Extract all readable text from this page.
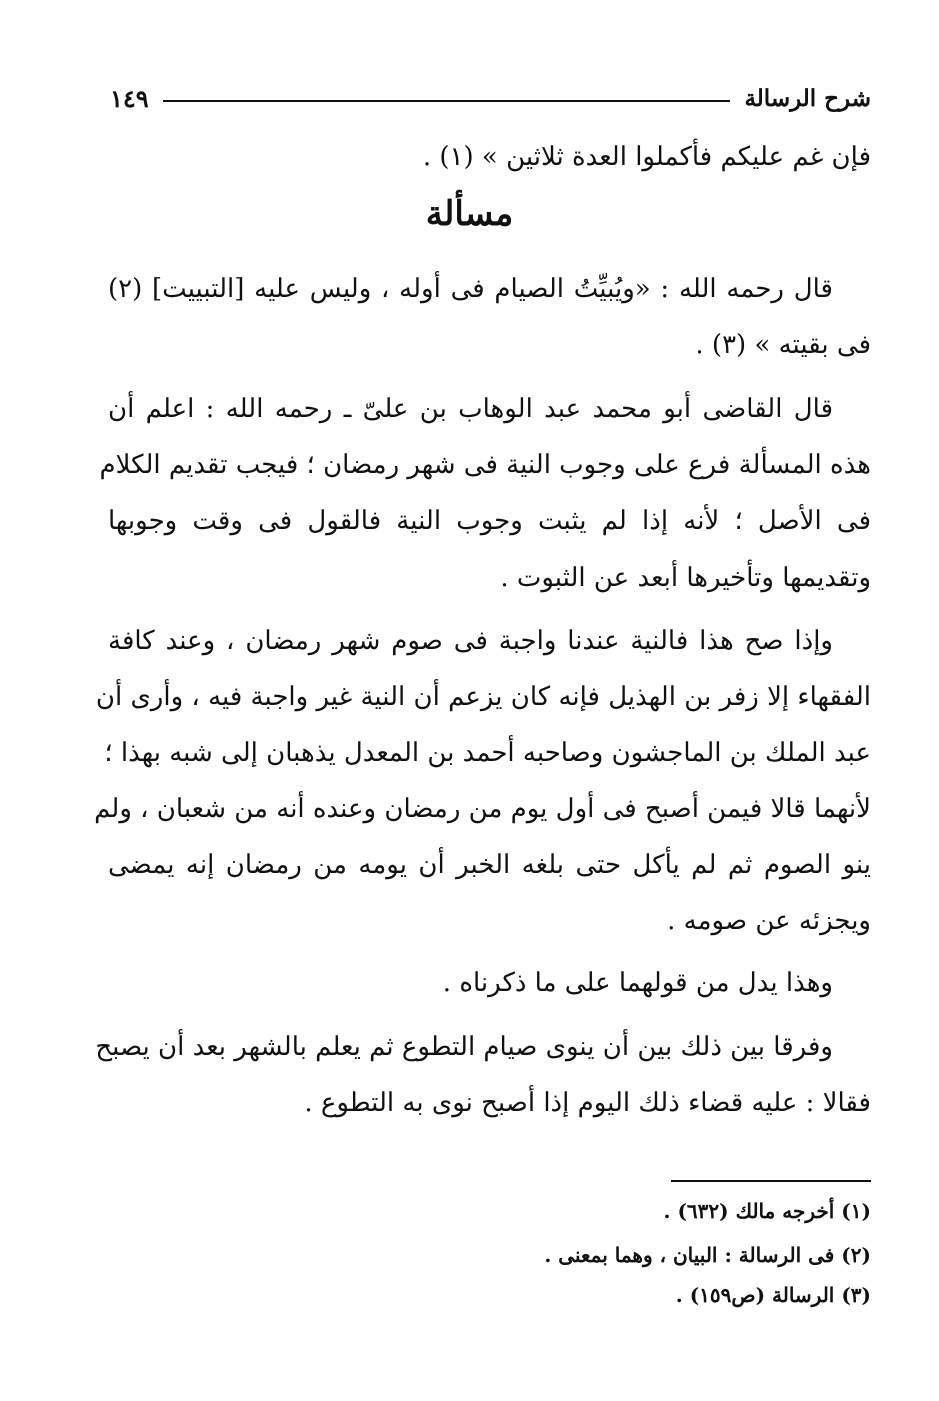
شرح الرسالة
١٤٩
فإن غم عليكم فأكملوا العدة ثلاثين » (١) .
مسألة
قال رحمه الله : «ويُبيِّتُ الصيام فى أوله ، وليس عليه [التبييت] (٢)
فى بقيته » (٣) .
قال القاضى أبو محمد عبد الوهاب بن علىّ ـ رحمه الله : اعلم أن
هذه المسألة فرع على وجوب النية فى شهر رمضان ؛ فيجب تقديم الكلام
فى الأصل ؛ لأنه إذا لم يثبت وجوب النية فالقول فى وقت وجوبها
وتقديمها وتأخيرها أبعد عن الثبوت .
وإذا صح هذا فالنية عندنا واجبة فى صوم شهر رمضان ، وعند كافة
الفقهاء إلا زفر بن الهذيل فإنه كان يزعم أن النية غير واجبة فيه ، وأرى أن
عبد الملك بن الماجشون وصاحبه أحمد بن المعدل يذهبان إلى شبه بهذا ؛
لأنهما قالا فيمن أصبح فى أول يوم من رمضان وعنده أنه من شعبان ، ولم
ينو الصوم ثم لم يأكل حتى بلغه الخبر أن يومه من رمضان إنه يمضى
ويجزئه عن صومه .
وهذا يدل من قولهما على ما ذكرناه .
وفرقا بين ذلك بين أن ينوى صيام التطوع ثم يعلم بالشهر بعد أن يصبح
فقالا : عليه قضاء ذلك اليوم إذا أصبح نوى به التطوع .
(١) أخرجه مالك (٦٣٢) .
(٢) فى الرسالة : البيان ، وهما بمعنى .
(٣) الرسالة (ص١٥٩) .
